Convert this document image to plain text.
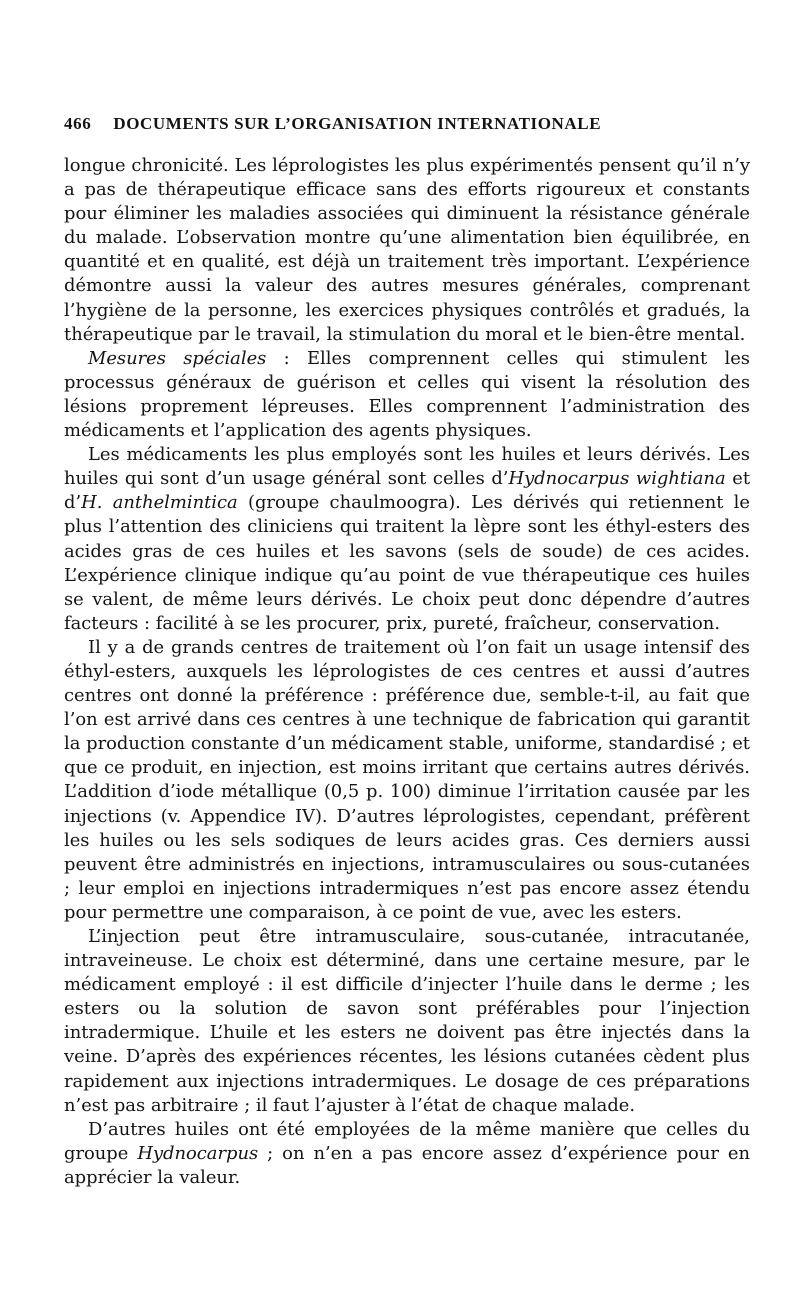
466 DOCUMENTS SUR L’ORGANISATION INTERNATIONALE

longue chronicité. Les léprologistes les plus expérimentés pensent qu’il n’y a pas de thérapeutique efficace sans des efforts rigoureux et constants pour éliminer les maladies associées qui diminuent la résistance générale du malade. L’observation montre qu’une alimentation bien équilibrée, en quantité et en qualité, est déjà un traitement très important. L’expérience démontre aussi la valeur des autres mesures générales, comprenant l’hygiène de la personne, les exercices physiques contrôlés et gradués, la thérapeutique par le travail, la stimulation du moral et le bien-être mental.

Mesures spéciales : Elles comprennent celles qui stimulent les processus généraux de guérison et celles qui visent la résolution des lésions proprement lépreuses. Elles comprennent l’administration des médicaments et l’application des agents physiques.

Les médicaments les plus employés sont les huiles et leurs dérivés. Les huiles qui sont d’un usage général sont celles d’Hydnocarpus wightiana et d’H. anthelmintica (groupe chaulmoogra). Les dérivés qui retiennent le plus l’attention des cliniciens qui traitent la lèpre sont les éthyl-esters des acides gras de ces huiles et les savons (sels de soude) de ces acides. L’expérience clinique indique qu’au point de vue thérapeutique ces huiles se valent, de même leurs dérivés. Le choix peut donc dépendre d’autres facteurs : facilité à se les procurer, prix, pureté, fraîcheur, conservation.

Il y a de grands centres de traitement où l’on fait un usage intensif des éthyl-esters, auxquels les léprologistes de ces centres et aussi d’autres centres ont donné la préférence : préférence due, semble-t-il, au fait que l’on est arrivé dans ces centres à une technique de fabrication qui garantit la production constante d’un médicament stable, uniforme, standardisé ; et que ce produit, en injection, est moins irritant que certains autres dérivés. L’addition d’iode métallique (0,5 p. 100) diminue l’irritation causée par les injections (v. Appendice IV). D’autres léprologistes, cependant, préfèrent les huiles ou les sels sodiques de leurs acides gras. Ces derniers aussi peuvent être administrés en injections, intramusculaires ou sous-cutanées ; leur emploi en injections intradermiques n’est pas encore assez étendu pour permettre une comparaison, à ce point de vue, avec les esters.

L’injection peut être intramusculaire, sous-cutanée, intracutanée, intraveineuse. Le choix est déterminé, dans une certaine mesure, par le médicament employé : il est difficile d’injecter l’huile dans le derme ; les esters ou la solution de savon sont préférables pour l’injection intradermique. L’huile et les esters ne doivent pas être injectés dans la veine. D’après des expériences récentes, les lésions cutanées cèdent plus rapidement aux injections intradermiques. Le dosage de ces préparations n’est pas arbitraire ; il faut l’ajuster à l’état de chaque malade.

D’autres huiles ont été employées de la même manière que celles du groupe Hydnocarpus ; on n’en a pas encore assez d’expérience pour en apprécier la valeur.
